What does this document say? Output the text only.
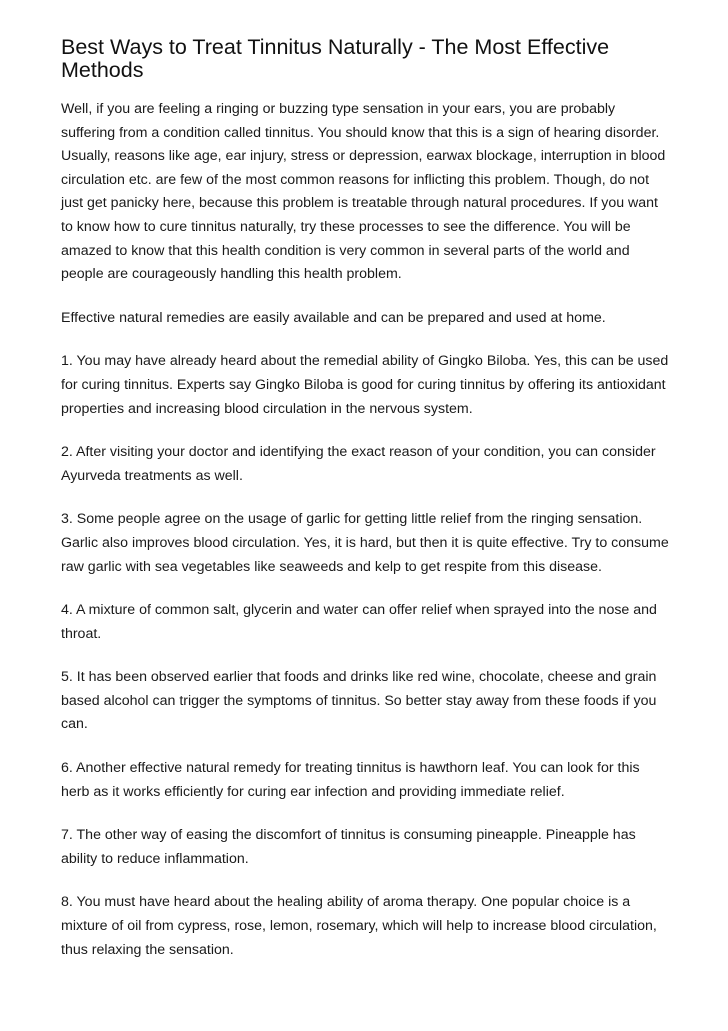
Best Ways to Treat Tinnitus Naturally - The Most Effective Methods

Well, if you are feeling a ringing or buzzing type sensation in your ears, you are probably suffering from a condition called tinnitus. You should know that this is a sign of hearing disorder. Usually, reasons like age, ear injury, stress or depression, earwax blockage, interruption in blood circulation etc. are few of the most common reasons for inflicting this problem. Though, do not just get panicky here, because this problem is treatable through natural procedures. If you want to know how to cure tinnitus naturally, try these processes to see the difference. You will be amazed to know that this health condition is very common in several parts of the world and people are courageously handling this health problem.

Effective natural remedies are easily available and can be prepared and used at home.

1. You may have already heard about the remedial ability of Gingko Biloba. Yes, this can be used for curing tinnitus. Experts say Gingko Biloba is good for curing tinnitus by offering its antioxidant properties and increasing blood circulation in the nervous system.

2. After visiting your doctor and identifying the exact reason of your condition, you can consider Ayurveda treatments as well.

3. Some people agree on the usage of garlic for getting little relief from the ringing sensation. Garlic also improves blood circulation. Yes, it is hard, but then it is quite effective. Try to consume raw garlic with sea vegetables like seaweeds and kelp to get respite from this disease.

4. A mixture of common salt, glycerin and water can offer relief when sprayed into the nose and throat.

5. It has been observed earlier that foods and drinks like red wine, chocolate, cheese and grain based alcohol can trigger the symptoms of tinnitus. So better stay away from these foods if you can.

6. Another effective natural remedy for treating tinnitus is hawthorn leaf. You can look for this herb as it works efficiently for curing ear infection and providing immediate relief.

7. The other way of easing the discomfort of tinnitus is consuming pineapple. Pineapple has ability to reduce inflammation.

8. You must have heard about the healing ability of aroma therapy. One popular choice is a mixture of oil from cypress, rose, lemon, rosemary, which will help to increase blood circulation, thus relaxing the sensation.
